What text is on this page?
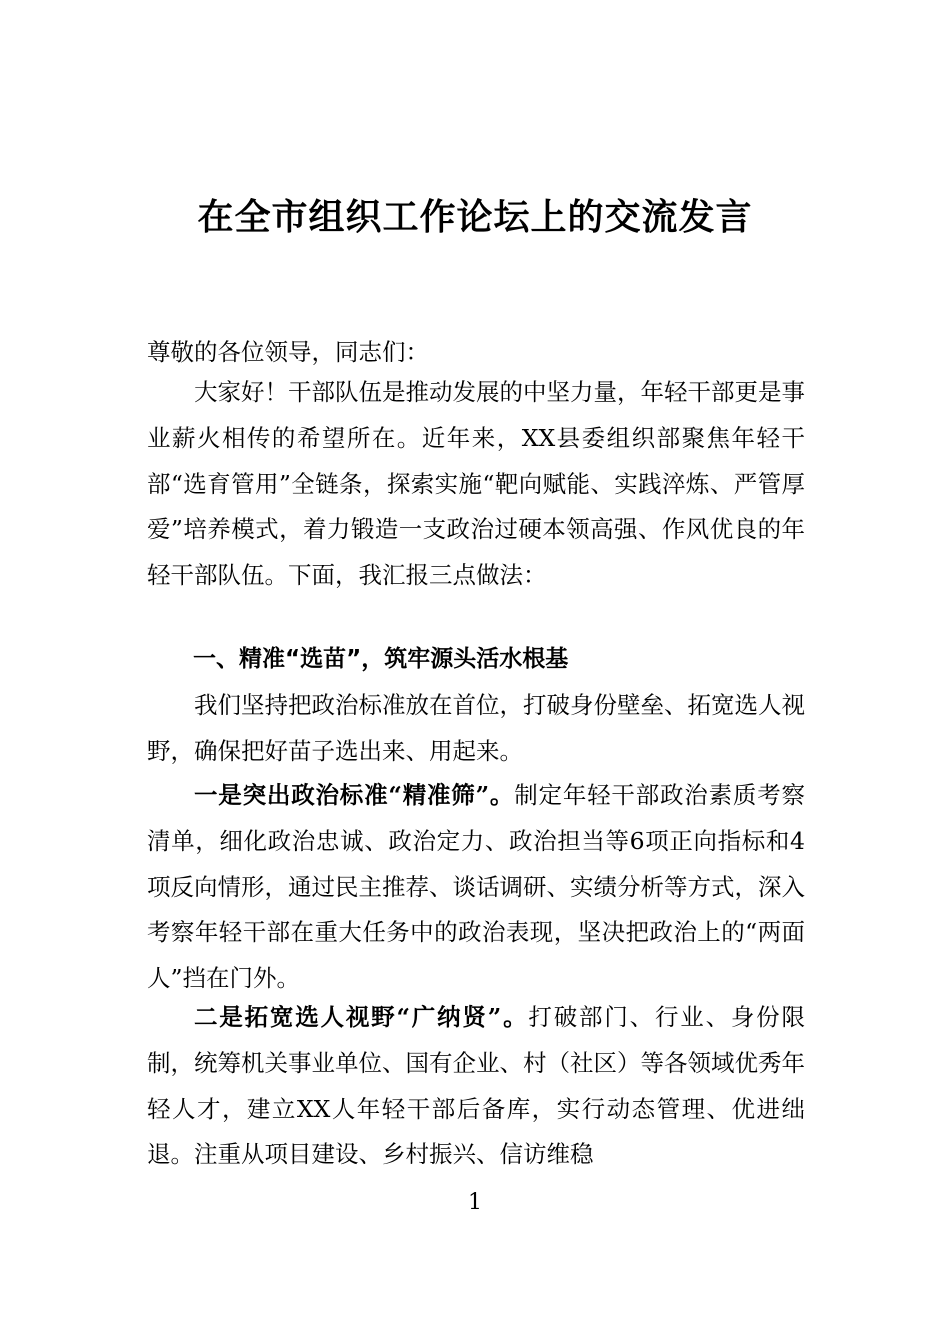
在全市组织工作论坛上的交流发言

尊敬的各位领导，同志们：

大家好！干部队伍是推动发展的中坚力量，年轻干部更是事业薪火相传的希望所在。近年来，XX县委组织部聚焦年轻干部“选育管用”全链条，探索实施“靶向赋能、实践淬炼、严管厚爱”培养模式，着力锻造一支政治过硬本领高强、作风优良的年轻干部队伍。下面，我汇报三点做法：

一、精准“选苗”，筑牢源头活水根基

我们坚持把政治标准放在首位，打破身份壁垒、拓宽选人视野，确保把好苗子选出来、用起来。

一是突出政治标准“精准筛”。制定年轻干部政治素质考察清单，细化政治忠诚、政治定力、政治担当等6项正向指标和4项反向情形，通过民主推荐、谈话调研、实绩分析等方式，深入考察年轻干部在重大任务中的政治表现，坚决把政治上的“两面人”挡在门外。

二是拓宽选人视野“广纳贤”。打破部门、行业、身份限制，统筹机关事业单位、国有企业、村（社区）等各领域优秀年轻人才，建立XX人年轻干部后备库，实行动态管理、优进绌退。注重从项目建设、乡村振兴、信访维稳

1
